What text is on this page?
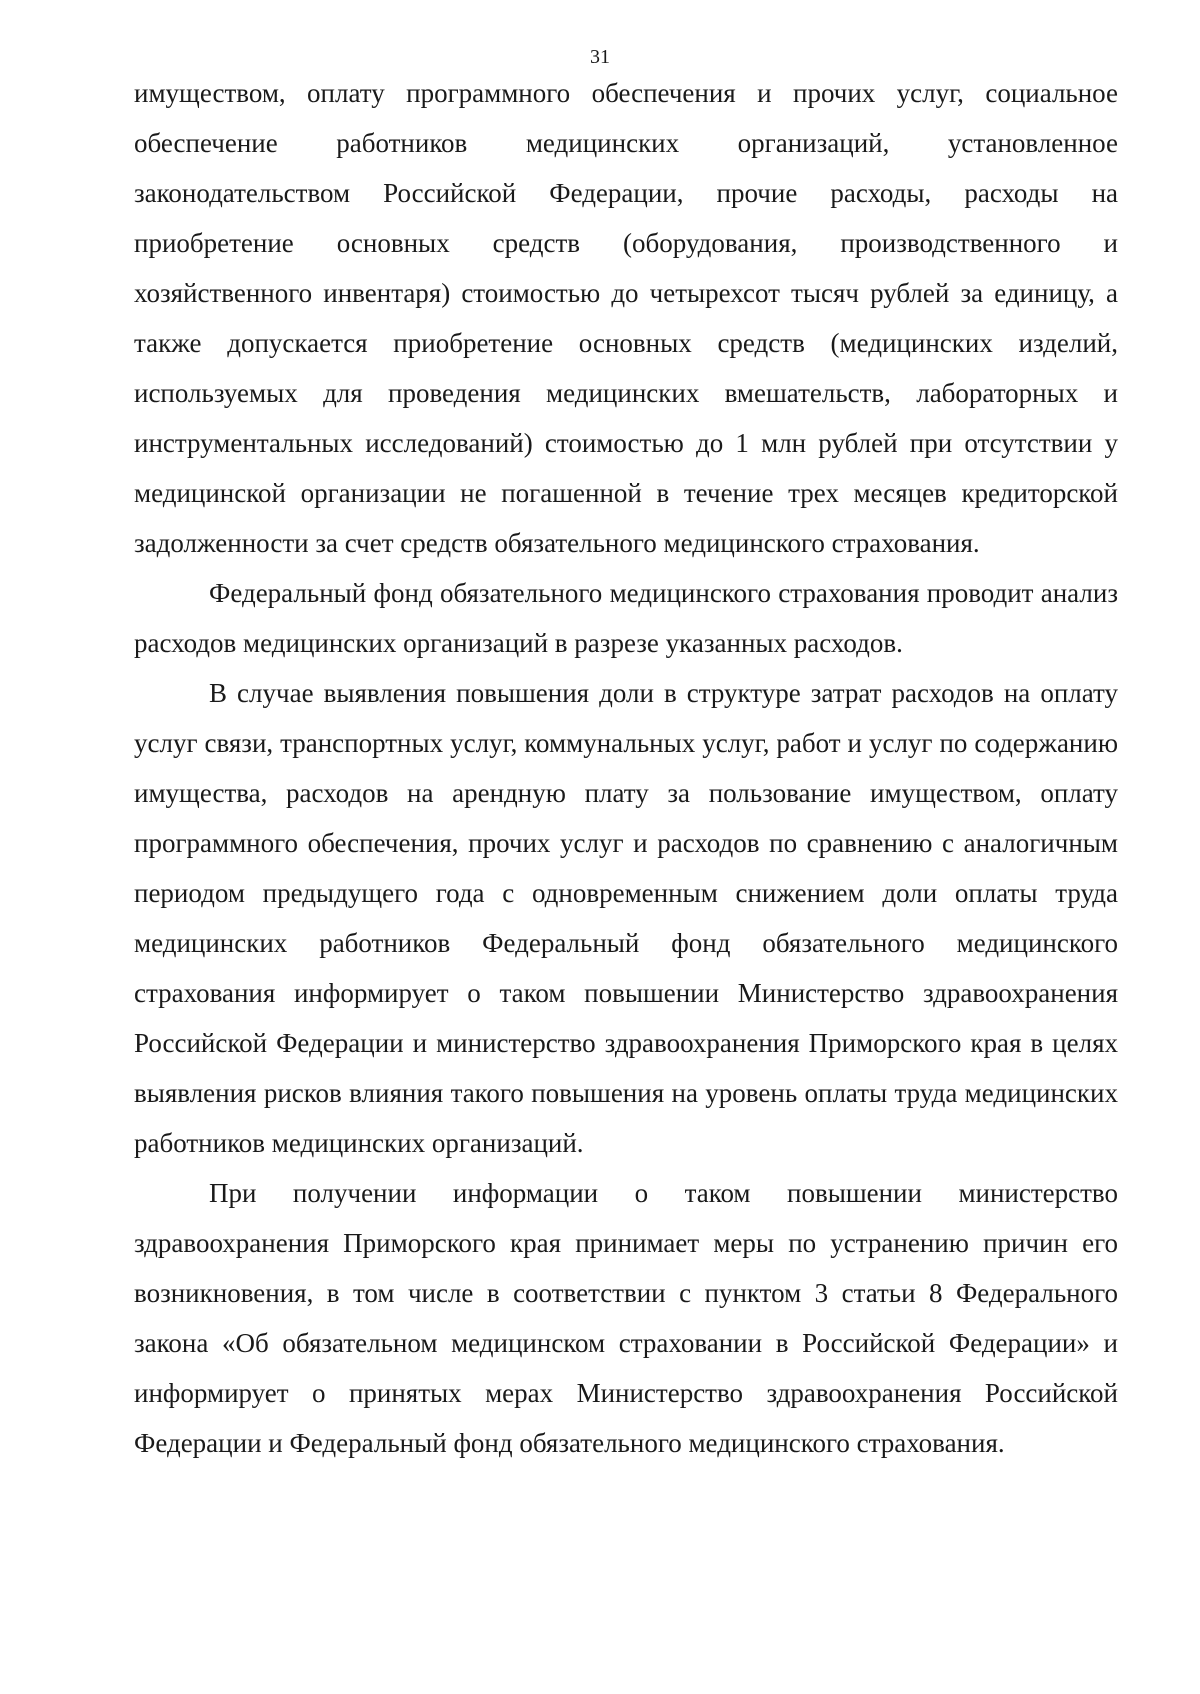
31

имуществом, оплату программного обеспечения и прочих услуг, социальное обеспечение работников медицинских организаций, установленное законодательством Российской Федерации, прочие расходы, расходы на приобретение основных средств (оборудования, производственного и хозяйственного инвентаря) стоимостью до четырехсот тысяч рублей за единицу, а также допускается приобретение основных средств (медицинских изделий, используемых для проведения медицинских вмешательств, лабораторных и инструментальных исследований) стоимостью до 1 млн рублей при отсутствии у медицинской организации не погашенной в течение трех месяцев кредиторской задолженности за счет средств обязательного медицинского страхования.

Федеральный фонд обязательного медицинского страхования проводит анализ расходов медицинских организаций в разрезе указанных расходов.

В случае выявления повышения доли в структуре затрат расходов на оплату услуг связи, транспортных услуг, коммунальных услуг, работ и услуг по содержанию имущества, расходов на арендную плату за пользование имуществом, оплату программного обеспечения, прочих услуг и расходов по сравнению с аналогичным периодом предыдущего года с одновременным снижением доли оплаты труда медицинских работников Федеральный фонд обязательного медицинского страхования информирует о таком повышении Министерство здравоохранения Российской Федерации и министерство здравоохранения Приморского края в целях выявления рисков влияния такого повышения на уровень оплаты труда медицинских работников медицинских организаций.

При получении информации о таком повышении министерство здравоохранения Приморского края принимает меры по устранению причин его возникновения, в том числе в соответствии с пунктом 3 статьи 8 Федерального закона «Об обязательном медицинском страховании в Российской Федерации» и информирует о принятых мерах Министерство здравоохранения Российской Федерации и Федеральный фонд обязательного медицинского страхования.
